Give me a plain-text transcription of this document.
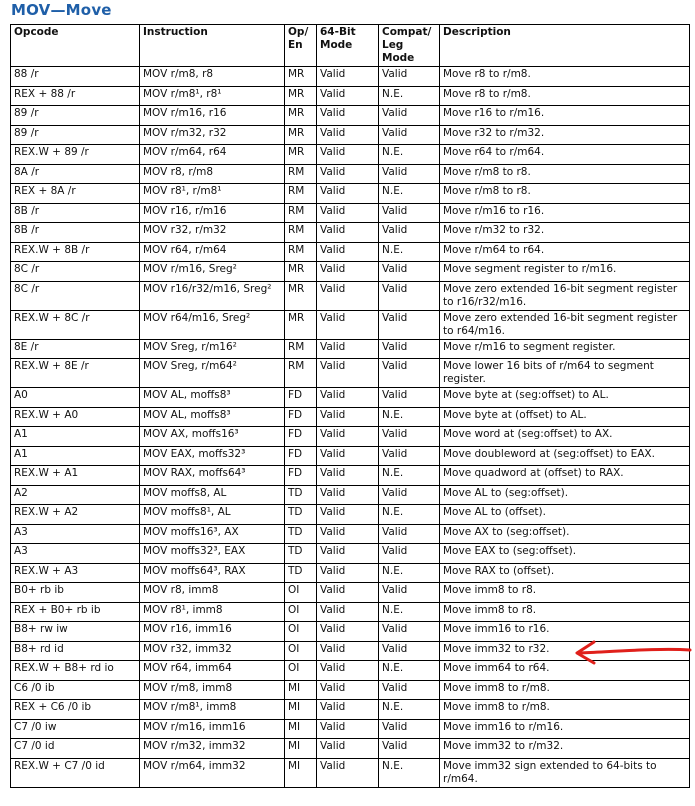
MOV—Move
Opcode	Instruction	Op/ En	64-Bit Mode	Compat/ Leg Mode	Description
88 /r	MOV r/m8, r8	MR	Valid	Valid	Move r8 to r/m8.
REX + 88 /r	MOV r/m8¹, r8¹	MR	Valid	N.E.	Move r8 to r/m8.
89 /r	MOV r/m16, r16	MR	Valid	Valid	Move r16 to r/m16.
89 /r	MOV r/m32, r32	MR	Valid	Valid	Move r32 to r/m32.
REX.W + 89 /r	MOV r/m64, r64	MR	Valid	N.E.	Move r64 to r/m64.
8A /r	MOV r8, r/m8	RM	Valid	Valid	Move r/m8 to r8.
REX + 8A /r	MOV r8¹, r/m8¹	RM	Valid	N.E.	Move r/m8 to r8.
8B /r	MOV r16, r/m16	RM	Valid	Valid	Move r/m16 to r16.
8B /r	MOV r32, r/m32	RM	Valid	Valid	Move r/m32 to r32.
REX.W + 8B /r	MOV r64, r/m64	RM	Valid	N.E.	Move r/m64 to r64.
8C /r	MOV r/m16, Sreg²	MR	Valid	Valid	Move segment register to r/m16.
8C /r	MOV r16/r32/m16, Sreg²	MR	Valid	Valid	Move zero extended 16-bit segment register to r16/r32/m16.
REX.W + 8C /r	MOV r64/m16, Sreg²	MR	Valid	Valid	Move zero extended 16-bit segment register to r64/m16.
8E /r	MOV Sreg, r/m16²	RM	Valid	Valid	Move r/m16 to segment register.
REX.W + 8E /r	MOV Sreg, r/m64²	RM	Valid	Valid	Move lower 16 bits of r/m64 to segment register.
A0	MOV AL, moffs8³	FD	Valid	Valid	Move byte at (seg:offset) to AL.
REX.W + A0	MOV AL, moffs8³	FD	Valid	N.E.	Move byte at (offset) to AL.
A1	MOV AX, moffs16³	FD	Valid	Valid	Move word at (seg:offset) to AX.
A1	MOV EAX, moffs32³	FD	Valid	Valid	Move doubleword at (seg:offset) to EAX.
REX.W + A1	MOV RAX, moffs64³	FD	Valid	N.E.	Move quadword at (offset) to RAX.
A2	MOV moffs8, AL	TD	Valid	Valid	Move AL to (seg:offset).
REX.W + A2	MOV moffs8¹, AL	TD	Valid	N.E.	Move AL to (offset).
A3	MOV moffs16³, AX	TD	Valid	Valid	Move AX to (seg:offset).
A3	MOV moffs32³, EAX	TD	Valid	Valid	Move EAX to (seg:offset).
REX.W + A3	MOV moffs64³, RAX	TD	Valid	N.E.	Move RAX to (offset).
B0+ rb ib	MOV r8, imm8	OI	Valid	Valid	Move imm8 to r8.
REX + B0+ rb ib	MOV r8¹, imm8	OI	Valid	N.E.	Move imm8 to r8.
B8+ rw iw	MOV r16, imm16	OI	Valid	Valid	Move imm16 to r16.
B8+ rd id	MOV r32, imm32	OI	Valid	Valid	Move imm32 to r32.
REX.W + B8+ rd io	MOV r64, imm64	OI	Valid	N.E.	Move imm64 to r64.
C6 /0 ib	MOV r/m8, imm8	MI	Valid	Valid	Move imm8 to r/m8.
REX + C6 /0 ib	MOV r/m8¹, imm8	MI	Valid	N.E.	Move imm8 to r/m8.
C7 /0 iw	MOV r/m16, imm16	MI	Valid	Valid	Move imm16 to r/m16.
C7 /0 id	MOV r/m32, imm32	MI	Valid	Valid	Move imm32 to r/m32.
REX.W + C7 /0 id	MOV r/m64, imm32	MI	Valid	N.E.	Move imm32 sign extended to 64-bits to r/m64.
